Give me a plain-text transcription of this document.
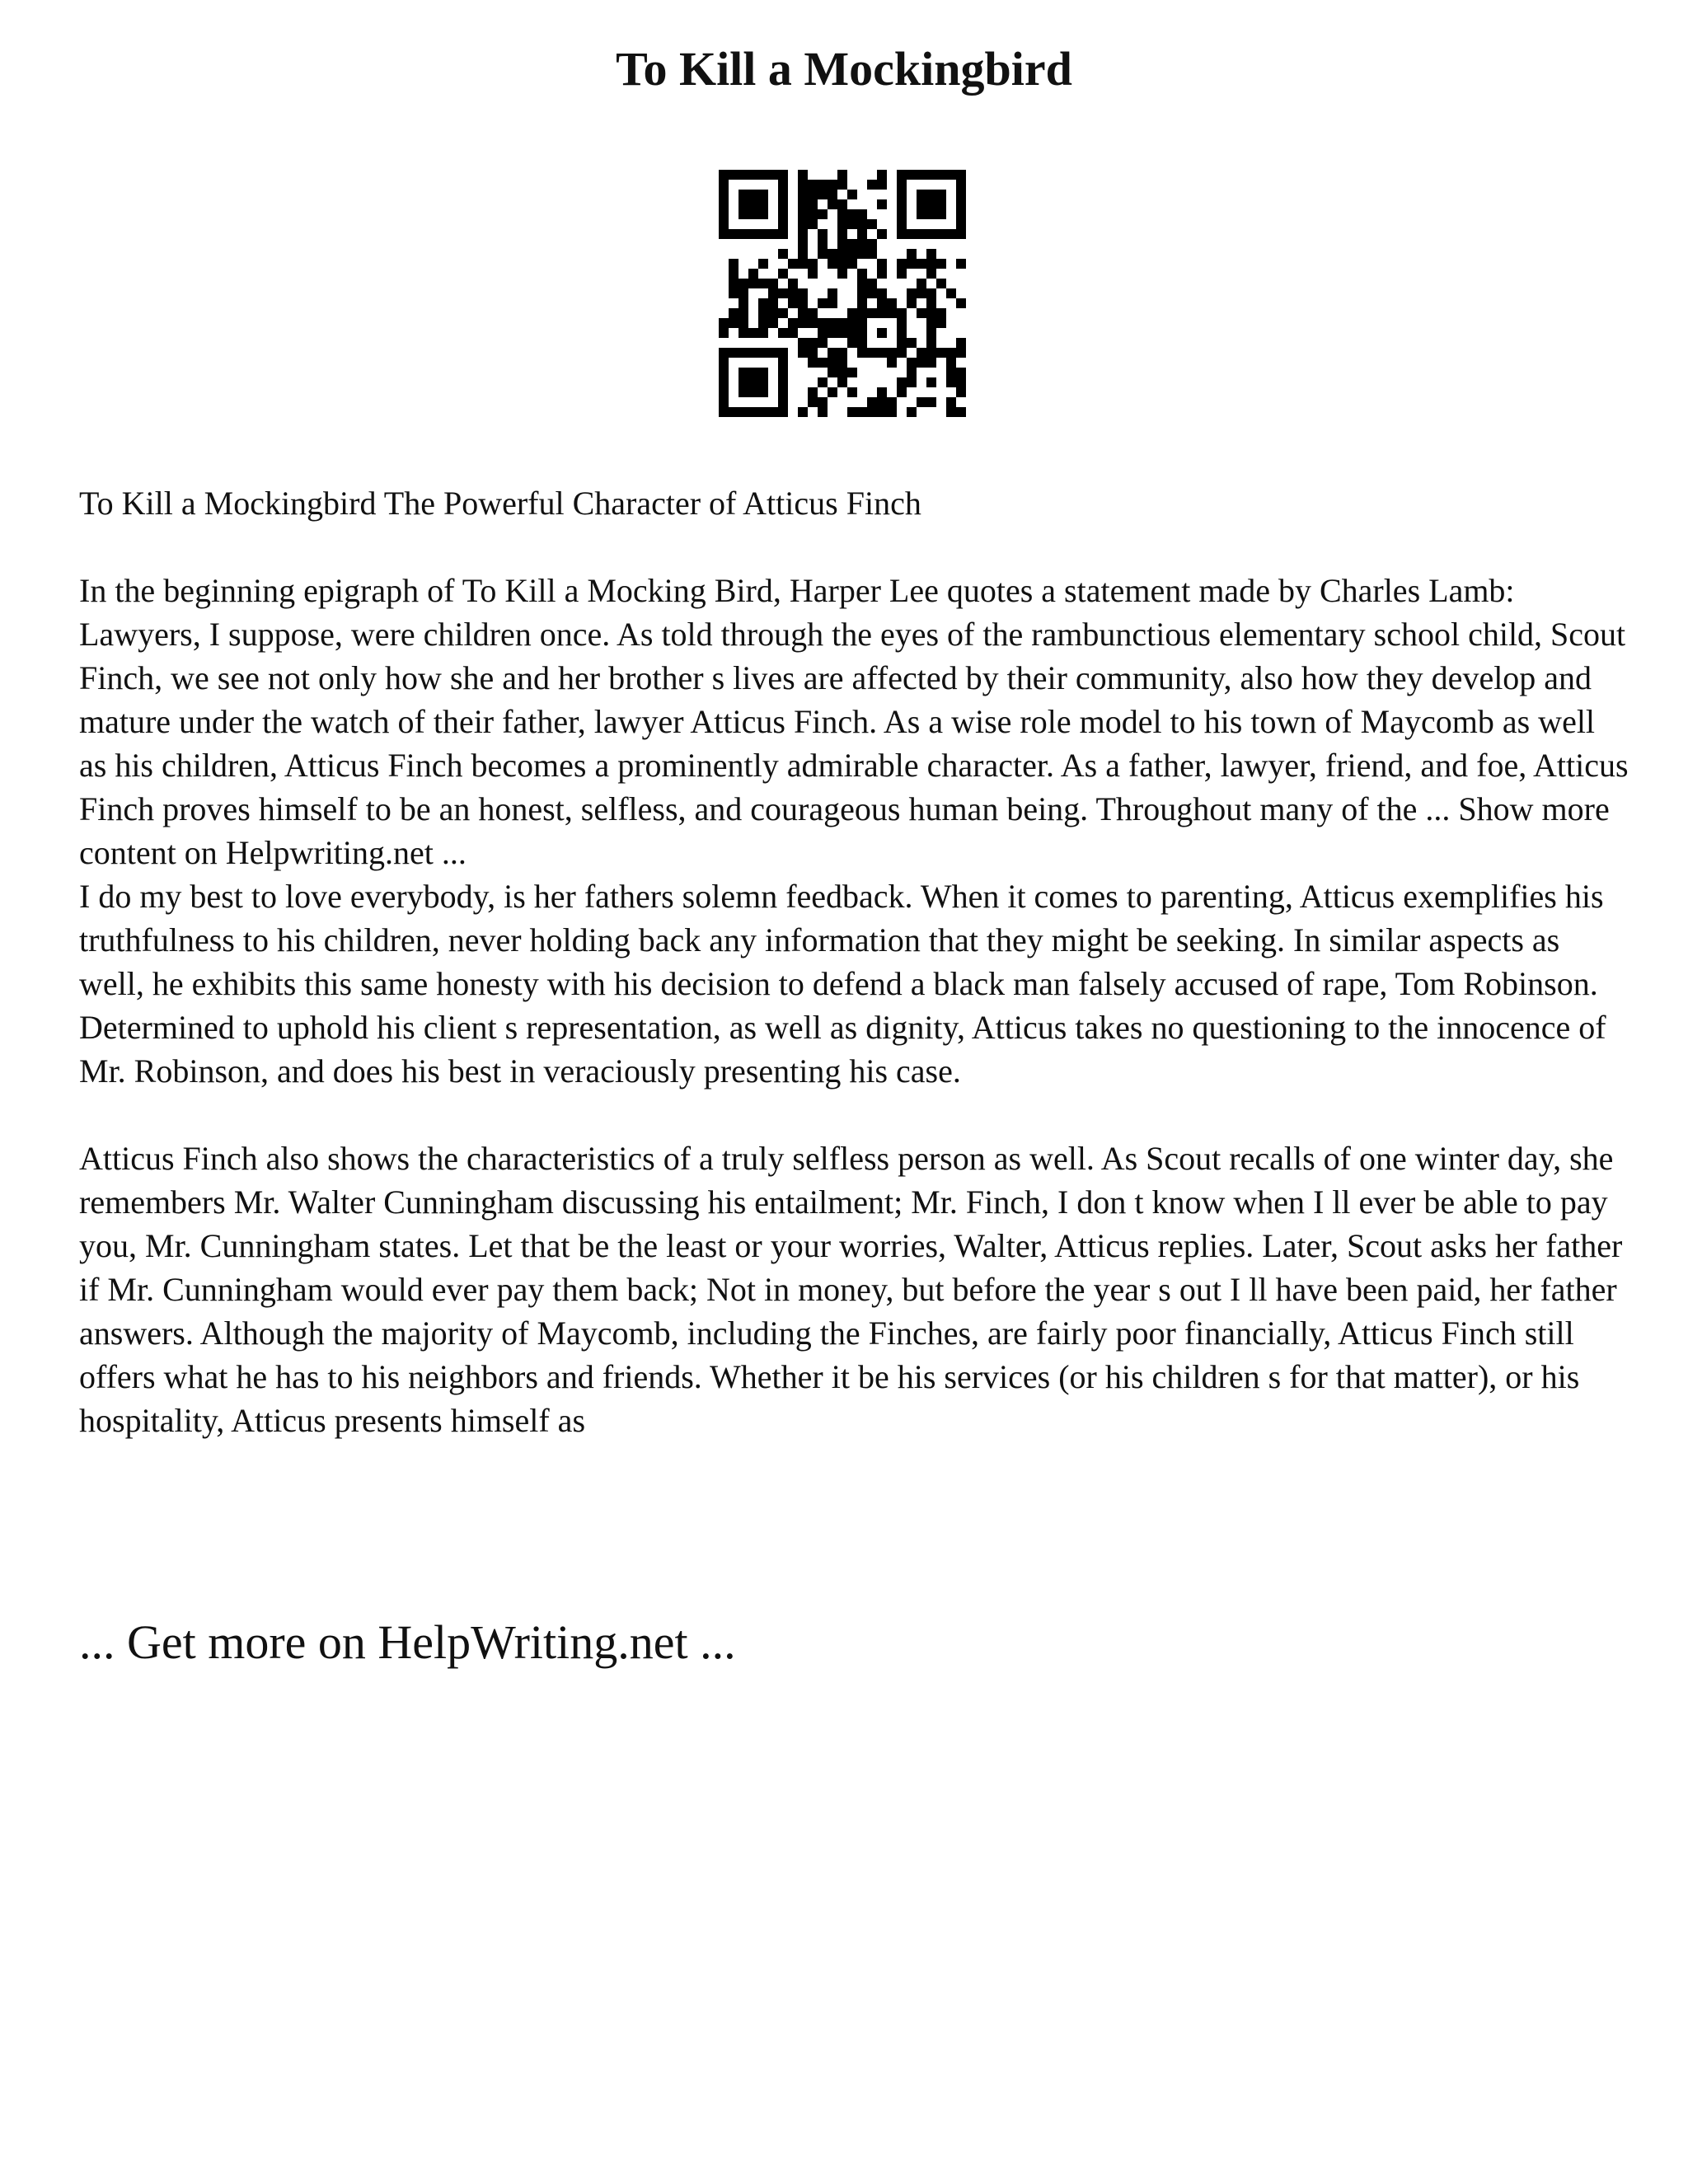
To Kill a Mockingbird

To Kill a Mockingbird The Powerful Character of Atticus Finch

In the beginning epigraph of To Kill a Mocking Bird, Harper Lee quotes a statement made by Charles Lamb: Lawyers, I suppose, were children once. As told through the eyes of the rambunctious elementary school child, Scout Finch, we see not only how she and her brother s lives are affected by their community, also how they develop and mature under the watch of their father, lawyer Atticus Finch. As a wise role model to his town of Maycomb as well as his children, Atticus Finch becomes a prominently admirable character. As a father, lawyer, friend, and foe, Atticus Finch proves himself to be an honest, selfless, and courageous human being. Throughout many of the ... Show more content on Helpwriting.net ...

I do my best to love everybody, is her fathers solemn feedback. When it comes to parenting, Atticus exemplifies his truthfulness to his children, never holding back any information that they might be seeking. In similar aspects as well, he exhibits this same honesty with his decision to defend a black man falsely accused of rape, Tom Robinson. Determined to uphold his client s representation, as well as dignity, Atticus takes no questioning to the innocence of Mr. Robinson, and does his best in veraciously presenting his case.

Atticus Finch also shows the characteristics of a truly selfless person as well. As Scout recalls of one winter day, she remembers Mr. Walter Cunningham discussing his entailment; Mr. Finch, I don t know when I ll ever be able to pay you, Mr. Cunningham states. Let that be the least or your worries, Walter, Atticus replies. Later, Scout asks her father if Mr. Cunningham would ever pay them back; Not in money, but before the year s out I ll have been paid, her father answers. Although the majority of Maycomb, including the Finches, are fairly poor financially, Atticus Finch still offers what he has to his neighbors and friends. Whether it be his services (or his children s for that matter), or his hospitality, Atticus presents himself as

... Get more on HelpWriting.net ...
